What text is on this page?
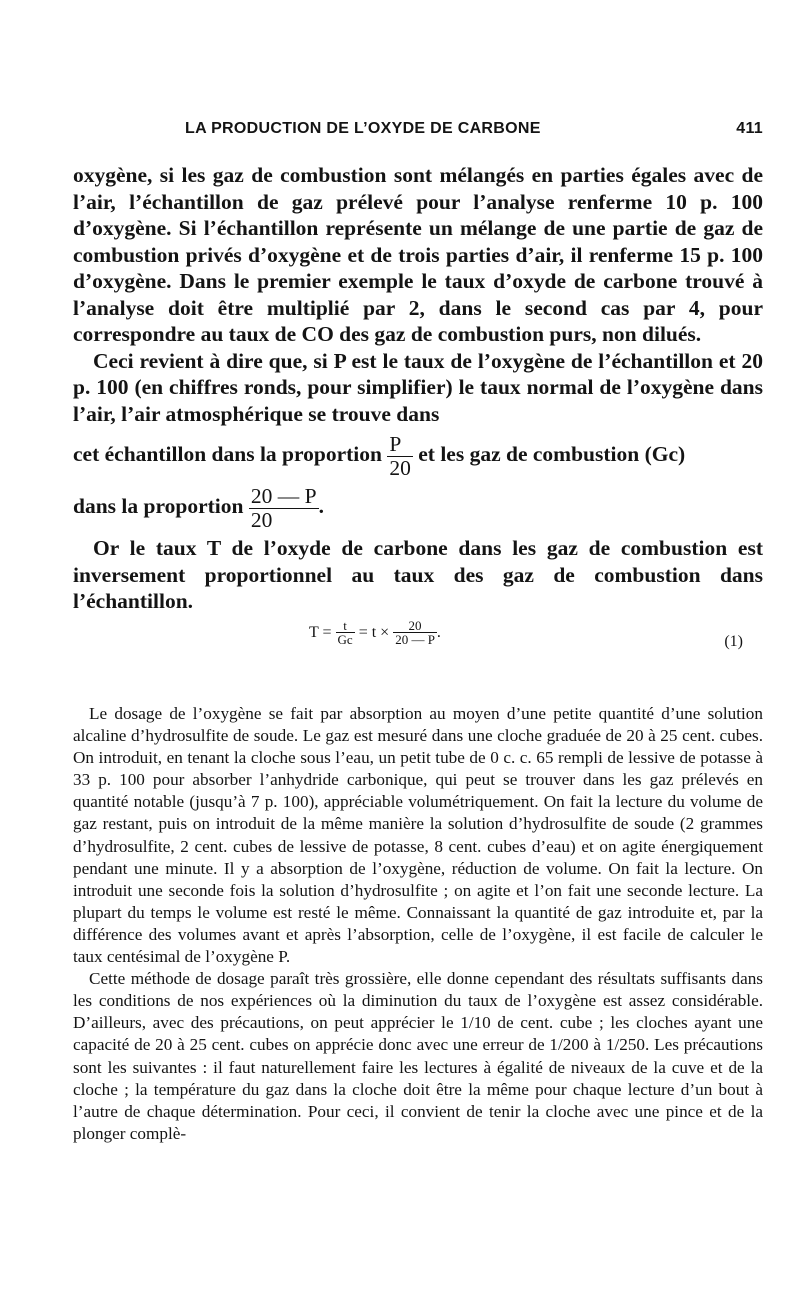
LA PRODUCTION DE L’OXYDE DE CARBONE	411

oxygène, si les gaz de combustion sont mélangés en parties égales avec de l’air, l’échantillon de gaz prélevé pour l’analyse renferme 10 p. 100 d’oxygène. Si l’échantillon représente un mélange de une partie de gaz de combustion privés d’oxygène et de trois parties d’air, il renferme 15 p. 100 d’oxygène. Dans le premier exemple le taux d’oxyde de carbone trouvé à l’analyse doit être multiplié par 2, dans le second cas par 4, pour correspondre au taux de CO des gaz de combustion purs, non dilués.

Ceci revient à dire que, si P est le taux de l’oxygène de l’échantillon et 20 p. 100 (en chiffres ronds, pour simplifier) le taux normal de l’oxygène dans l’air, l’air atmosphérique se trouve dans

cet échantillon dans la proportion $\frac{P}{20}$ et les gaz de combustion (Gc)

dans la proportion $\frac{20 — P}{20}$ .

Or le taux T de l’oxyde de carbone dans les gaz de combustion est inversement proportionnel au taux des gaz de combustion dans l’échantillon.

$T = \frac{t}{Gc} = t \times \frac{20}{20 — P}$ .
(1)

Le dosage de l’oxygène se fait par absorption au moyen d’une petite quantité d’une solution alcaline d’hydrosulfite de soude. Le gaz est mesuré dans une cloche graduée de 20 à 25 cent. cubes. On introduit, en tenant la cloche sous l’eau, un petit tube de 0 c. c. 65 rempli de lessive de potasse à 33 p. 100 pour absorber l’anhydride carbonique, qui peut se trouver dans les gaz prélevés en quantité notable (jusqu’à 7 p. 100), appréciable volumétriquement. On fait la lecture du volume de gaz restant, puis on introduit de la même manière la solution d’hydrosulfite de soude (2 grammes d’hydrosulfite, 2 cent. cubes de lessive de potasse, 8 cent. cubes d’eau) et on agite énergiquement pendant une minute. Il y a absorption de l’oxygène, réduction de volume. On fait la lecture. On introduit une seconde fois la solution d’hydrosulfite ; on agite et l’on fait une seconde lecture. La plupart du temps le volume est resté le même. Connaissant la quantité de gaz introduite et, par la différence des volumes avant et après l’absorption, celle de l’oxygène, il est facile de calculer le taux centésimal de l’oxygène P.

Cette méthode de dosage paraît très grossière, elle donne cependant des résultats suffisants dans les conditions de nos expériences où la diminution du taux de l’oxygène est assez considérable. D’ailleurs, avec des précautions, on peut apprécier le 1/10 de cent. cube ; les cloches ayant une capacité de 20 à 25 cent. cubes on apprécie donc avec une erreur de 1/200 à 1/250. Les précautions sont les suivantes : il faut naturellement faire les lectures à égalité de niveaux de la cuve et de la cloche ; la température du gaz dans la cloche doit être la même pour chaque lecture d’un bout à l’autre de chaque détermination. Pour ceci, il convient de tenir la cloche avec une pince et de la plonger complè-
